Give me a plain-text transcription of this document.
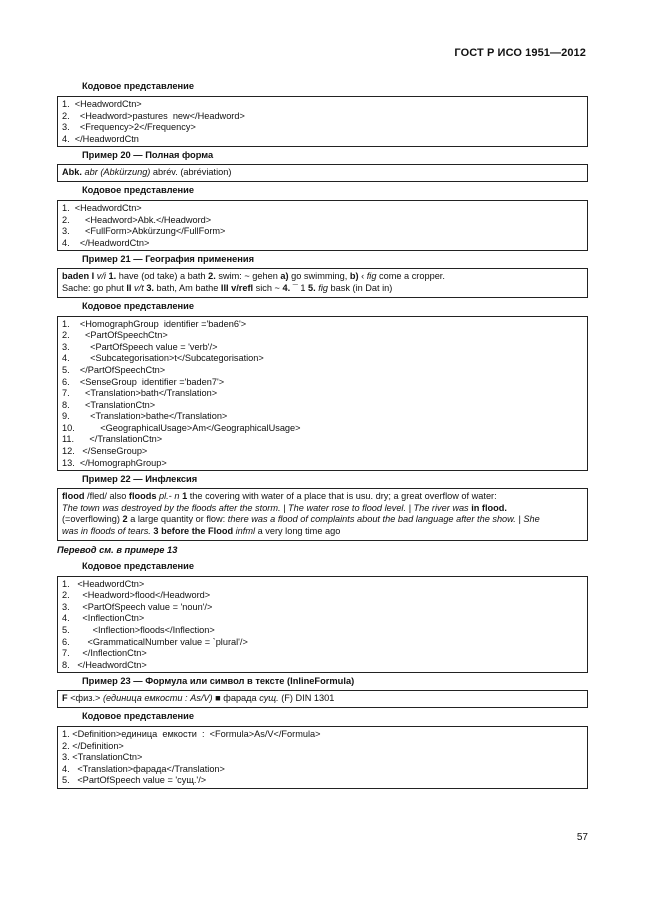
ГОСТ Р ИСО 1951—2012
Кодовое представление
1.  <HeadwordCtn>
2.    <Headword>pastures  new</Headword>
3.    <Frequency>2</Frequency>
4.  </HeadwordCtn
Пример 20 — Полная форма
Abk. abr (Abkürzung) abrév. (abréviation)
Кодовое представление
1.  <HeadwordCtn>
2.      <Headword>Abk.</Headword>
3.      <FullForm>Abkürzung</FullForm>
4.    </HeadwordCtn>
Пример 21 — География применения

baden I v/i 1. have (od take) a bath 2. swim: ~ gehen a) go swimming, b) ‹ fig come a cropper.

Sache: go phut II v/t 3. bath, Am bathe III v/refl sich ~ 4. ¯ 1 5. fig bask (in Dat in)

Кодовое представление
1.    <HomographGroup  identifier ='baden6'>
2.      <PartOfSpeechCtn>
3.        <PartOfSpeech value = 'verb'/>
4.        <Subcategorisation>t</Subcategorisation>
5.    </PartOfSpeechCtn>
6.    <SenseGroup  identifier ='baden7'>
7.      <Translation>bath</Translation>
8.      <TranslationCtn>
9.        <Translation>bathe</Translation>
10.          <GeographicalUsage>Am</GeographicalUsage>
11.      </TranslationCtn>
12.   </SenseGroup>
13.  </HomographGroup>
Пример 22 — Инфлексия

flood /fled/ also floods pl.- n 1 the covering with water of a place that is usu. dry; a great overflow of water:

The town was destroyed by the floods after the storm. | The water rose to flood level. | The river was in flood.

(=overflowing) 2 a large quantity or flow: there was a flood of complaints about the bad language after the show. | She

was in floods of tears. 3 before the Flood infml a very long time ago

Перевод см. в примере 13
Кодовое представление
1.   <HeadwordCtn>
2.     <Headword>flood</Headword>
3.     <PartOfSpeech value = 'noun'/>
4.     <InflectionCtn>
5.         <Inflection>floods</Inflection>
6.       <GrammaticalNumber value = `plural'/>
7.     </InflectionCtn>
8.   </HeadwordCtn>
Пример 23 — Формула или символ в тексте (InlineFormula)
F <физ.> (единица емкости : As/V) ■ фарада сущ. (F) DIN 1301
Кодовое представление
1. <Definition>единица  емкости  :  <Formula>As/V</Formula>
2. </Definition>
3. <TranslationCtn>
4.   <Translation>фарада</Translation>
5.   <PartOfSpeech value = 'сущ.'/>
57
